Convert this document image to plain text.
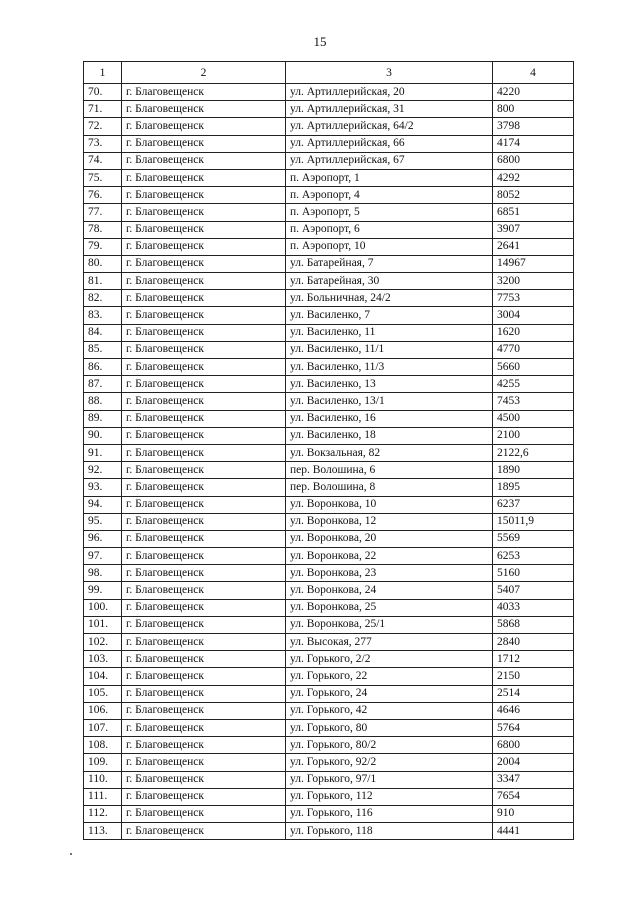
15
1	2	3	4
70.	г. Благовещенск	ул. Артиллерийская, 20	4220
71.	г. Благовещенск	ул. Артиллерийская, 31	800
72.	г. Благовещенск	ул. Артиллерийская, 64/2	3798
73.	г. Благовещенск	ул. Артиллерийская, 66	4174
74.	г. Благовещенск	ул. Артиллерийская, 67	6800
75.	г. Благовещенск	п. Аэропорт, 1	4292
76.	г. Благовещенск	п. Аэропорт, 4	8052
77.	г. Благовещенск	п. Аэропорт, 5	6851
78.	г. Благовещенск	п. Аэропорт, 6	3907
79.	г. Благовещенск	п. Аэропорт, 10	2641
80.	г. Благовещенск	ул. Батарейная, 7	14967
81.	г. Благовещенск	ул. Батарейная, 30	3200
82.	г. Благовещенск	ул. Больничная, 24/2	7753
83.	г. Благовещенск	ул. Василенко, 7	3004
84.	г. Благовещенск	ул. Василенко, 11	1620
85.	г. Благовещенск	ул. Василенко, 11/1	4770
86.	г. Благовещенск	ул. Василенко, 11/3	5660
87.	г. Благовещенск	ул. Василенко, 13	4255
88.	г. Благовещенск	ул. Василенко, 13/1	7453
89.	г. Благовещенск	ул. Василенко, 16	4500
90.	г. Благовещенск	ул. Василенко, 18	2100
91.	г. Благовещенск	ул. Вокзальная, 82	2122,6
92.	г. Благовещенск	пер. Волошина, 6	1890
93.	г. Благовещенск	пер. Волошина, 8	1895
94.	г. Благовещенск	ул. Воронкова, 10	6237
95.	г. Благовещенск	ул. Воронкова, 12	15011,9
96.	г. Благовещенск	ул. Воронкова, 20	5569
97.	г. Благовещенск	ул. Воронкова, 22	6253
98.	г. Благовещенск	ул. Воронкова, 23	5160
99.	г. Благовещенск	ул. Воронкова, 24	5407
100.	г. Благовещенск	ул. Воронкова, 25	4033
101.	г. Благовещенск	ул. Воронкова, 25/1	5868
102.	г. Благовещенск	ул. Высокая, 277	2840
103.	г. Благовещенск	ул. Горького, 2/2	1712
104.	г. Благовещенск	ул. Горького, 22	2150
105.	г. Благовещенск	ул. Горького, 24	2514
106.	г. Благовещенск	ул. Горького, 42	4646
107.	г. Благовещенск	ул. Горького, 80	5764
108.	г. Благовещенск	ул. Горького, 80/2	6800
109.	г. Благовещенск	ул. Горького, 92/2	2004
110.	г. Благовещенск	ул. Горького, 97/1	3347
111.	г. Благовещенск	ул. Горького, 112	7654
112.	г. Благовещенск	ул. Горького, 116	910
113.	г. Благовещенск	ул. Горького, 118	4441
